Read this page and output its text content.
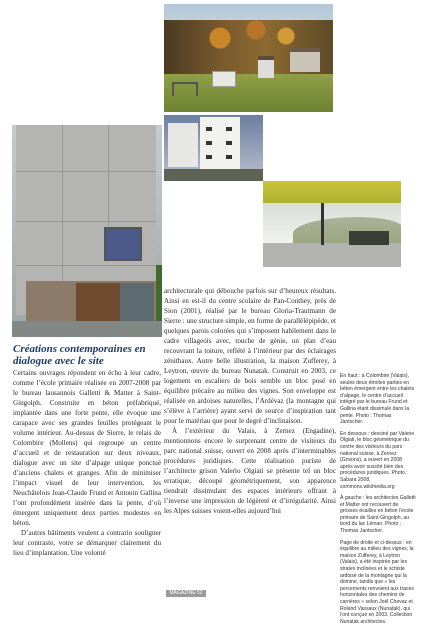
Créations contemporaines en dialogue avec le site

Certains ouvrages répondent en écho à leur cadre, comme l’école primaire réalisée en 2007-2008 par le bureau lausannois Galletti & Matter à Saint-Gingolph. Construite en béton préfabriqué, implantée dans une forte pente, elle évoque une carapace avec ses grandes feuilles protégeant le volume intérieur. Au-dessus de Sierre, le relais de Colombire (Mollens) qui regroupe un centre d’accueil et de restauration sur deux niveaux, dialogue avec un site d’alpage unique ponctué d’anciens chalets et granges. Afin de minimiser l’impact visuel de leur intervention, les Neuchâtelois Jean-Claude Frund et Antonin Gallina l’ont profondément insérée dans la pente, d’où émergent uniquement deux parties modestes en béton.

D’autres bâtiments veulent a contrario souligner leur contraste, votre se démarquer clairement du lieu d’implantation. Une volonté

architecturale qui débouche parfois sur d’heureux résultats. Ainsi en est-il du centre scolaire de Pan-Conthey, près de Sion (2001), réalisé par le bureau Gloria-Trautmann de Sierre : une structure simple, en forme de parallélépipède, et quelques parois colorées qui s’imposent habilement dans le cadre villageois avec, touche de génie, un plan d’eau recouvrant la toiture, reflété à l’intérieur par des éclairages zénithaux. Autre belle illustration, la maison Zufferey, à Leytron, œuvre du bureau Nunatak. Construit en 2003, ce logement en escaliers de bois semble un bloc posé en équilibre précaire au milieu des vignes. Son enveloppe est réalisée en ardoises naturelles, l’Ardévaz (la montagne qui s’élève à l’arrière) ayant servi de source d’inspiration tant pour le matériau que pour le degré d’inclinaison.

À l’extérieur du Valais, à Zernez (Engadine), mentionnons encore le surprenant centre de visiteurs du parc national suisse, ouvert en 2008 après d’interminables procédures juridiques. Cette réalisation puriste de l’architecte grison Valerio Olgiati se présente tel un bloc erratique, découpé géométriquement, son apparence tiendrait dissimulant des espaces intérieurs offrant à l’inverse une impression de légèreté et d’irrégularité. Ainsi les Alpes suisses voient-elles aujourd’hui

En haut : à Colombire (Valais), seules deux étroites parties en béton émergent entre les chalets d’alpage, le centre d’accueil intégré par le bureau Frund et Gallina étant dissimulé dans la pente. Photo : Thomas Jantscher.

En dessous : dessiné par Valerio Olgiati, le bloc géométrique du centre des visiteurs du parc national suisse, à Zernez (Grisons), a ouvert en 2008 après avoir suscité bien des procédures juridiques. Photo : Sabara 2008, commons.wikimedia.org

À gauche : les architectes Galletti et Matter ont recouvert de grosses écailles en béton l’école primaire de Saint-Gingolph, au bord du lac Léman. Photo : Thomas Jantscher.

Page de droite et ci-dessus : en équilibre au milieu des vignes, la maison Zufferey, à Leytron (Valais), a été inspirée par les strates inclinées et le schiste ardoisé de la montagne qui la domine, tandis que « les percements renvoient aux traces horizontales des chemins de carrières » selon Joël Chevaz et Roland Vassaux (Nunatak), qui l’ont conçue en 2003. Collection Nunatak architectes.

MAGAZINE 52
